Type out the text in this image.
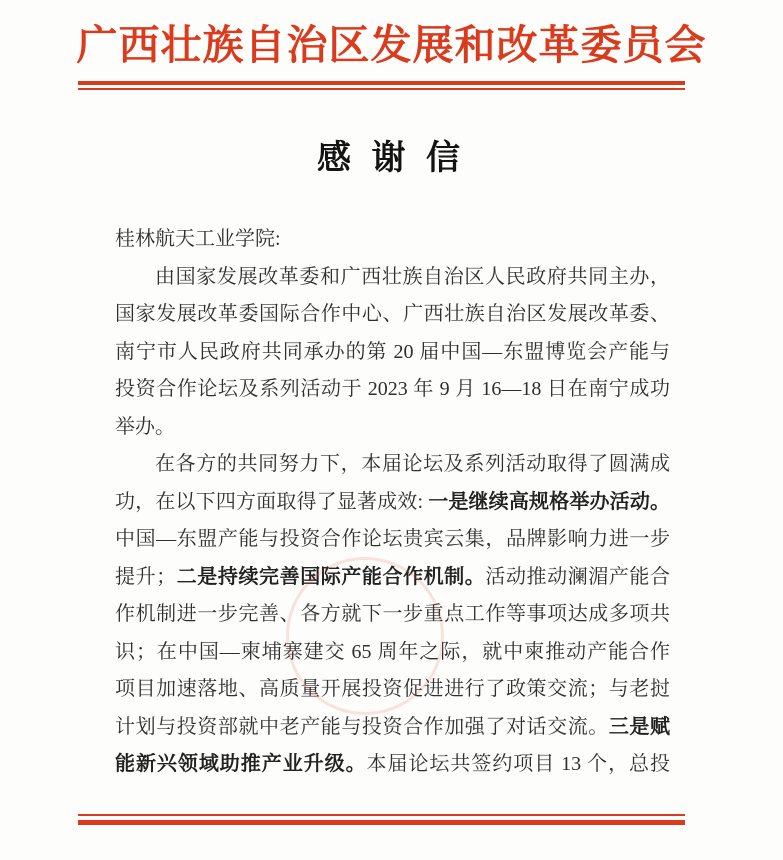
广西壮族自治区发展和改革委员会
感 谢 信
桂林航天工业学院:
由国家发展改革委和广西壮族自治区人民政府共同主办，
国家发展改革委国际合作中心、广西壮族自治区发展改革委、
南宁市人民政府共同承办的第 20 届中国—东盟博览会产能与
投资合作论坛及系列活动于 2023 年 9 月 16—18 日在南宁成功
举办。
在各方的共同努力下，本届论坛及系列活动取得了圆满成
功，在以下四方面取得了显著成效: 一是继续高规格举办活动。
中国—东盟产能与投资合作论坛贵宾云集，品牌影响力进一步
提升；二是持续完善国际产能合作机制。活动推动澜湄产能合
作机制进一步完善、各方就下一步重点工作等事项达成多项共
识；在中国—柬埔寨建交 65 周年之际，就中柬推动产能合作
项目加速落地、高质量开展投资促进进行了政策交流；与老挝
计划与投资部就中老产能与投资合作加强了对话交流。三是赋
能新兴领域助推产业升级。本届论坛共签约项目 13 个，总投
